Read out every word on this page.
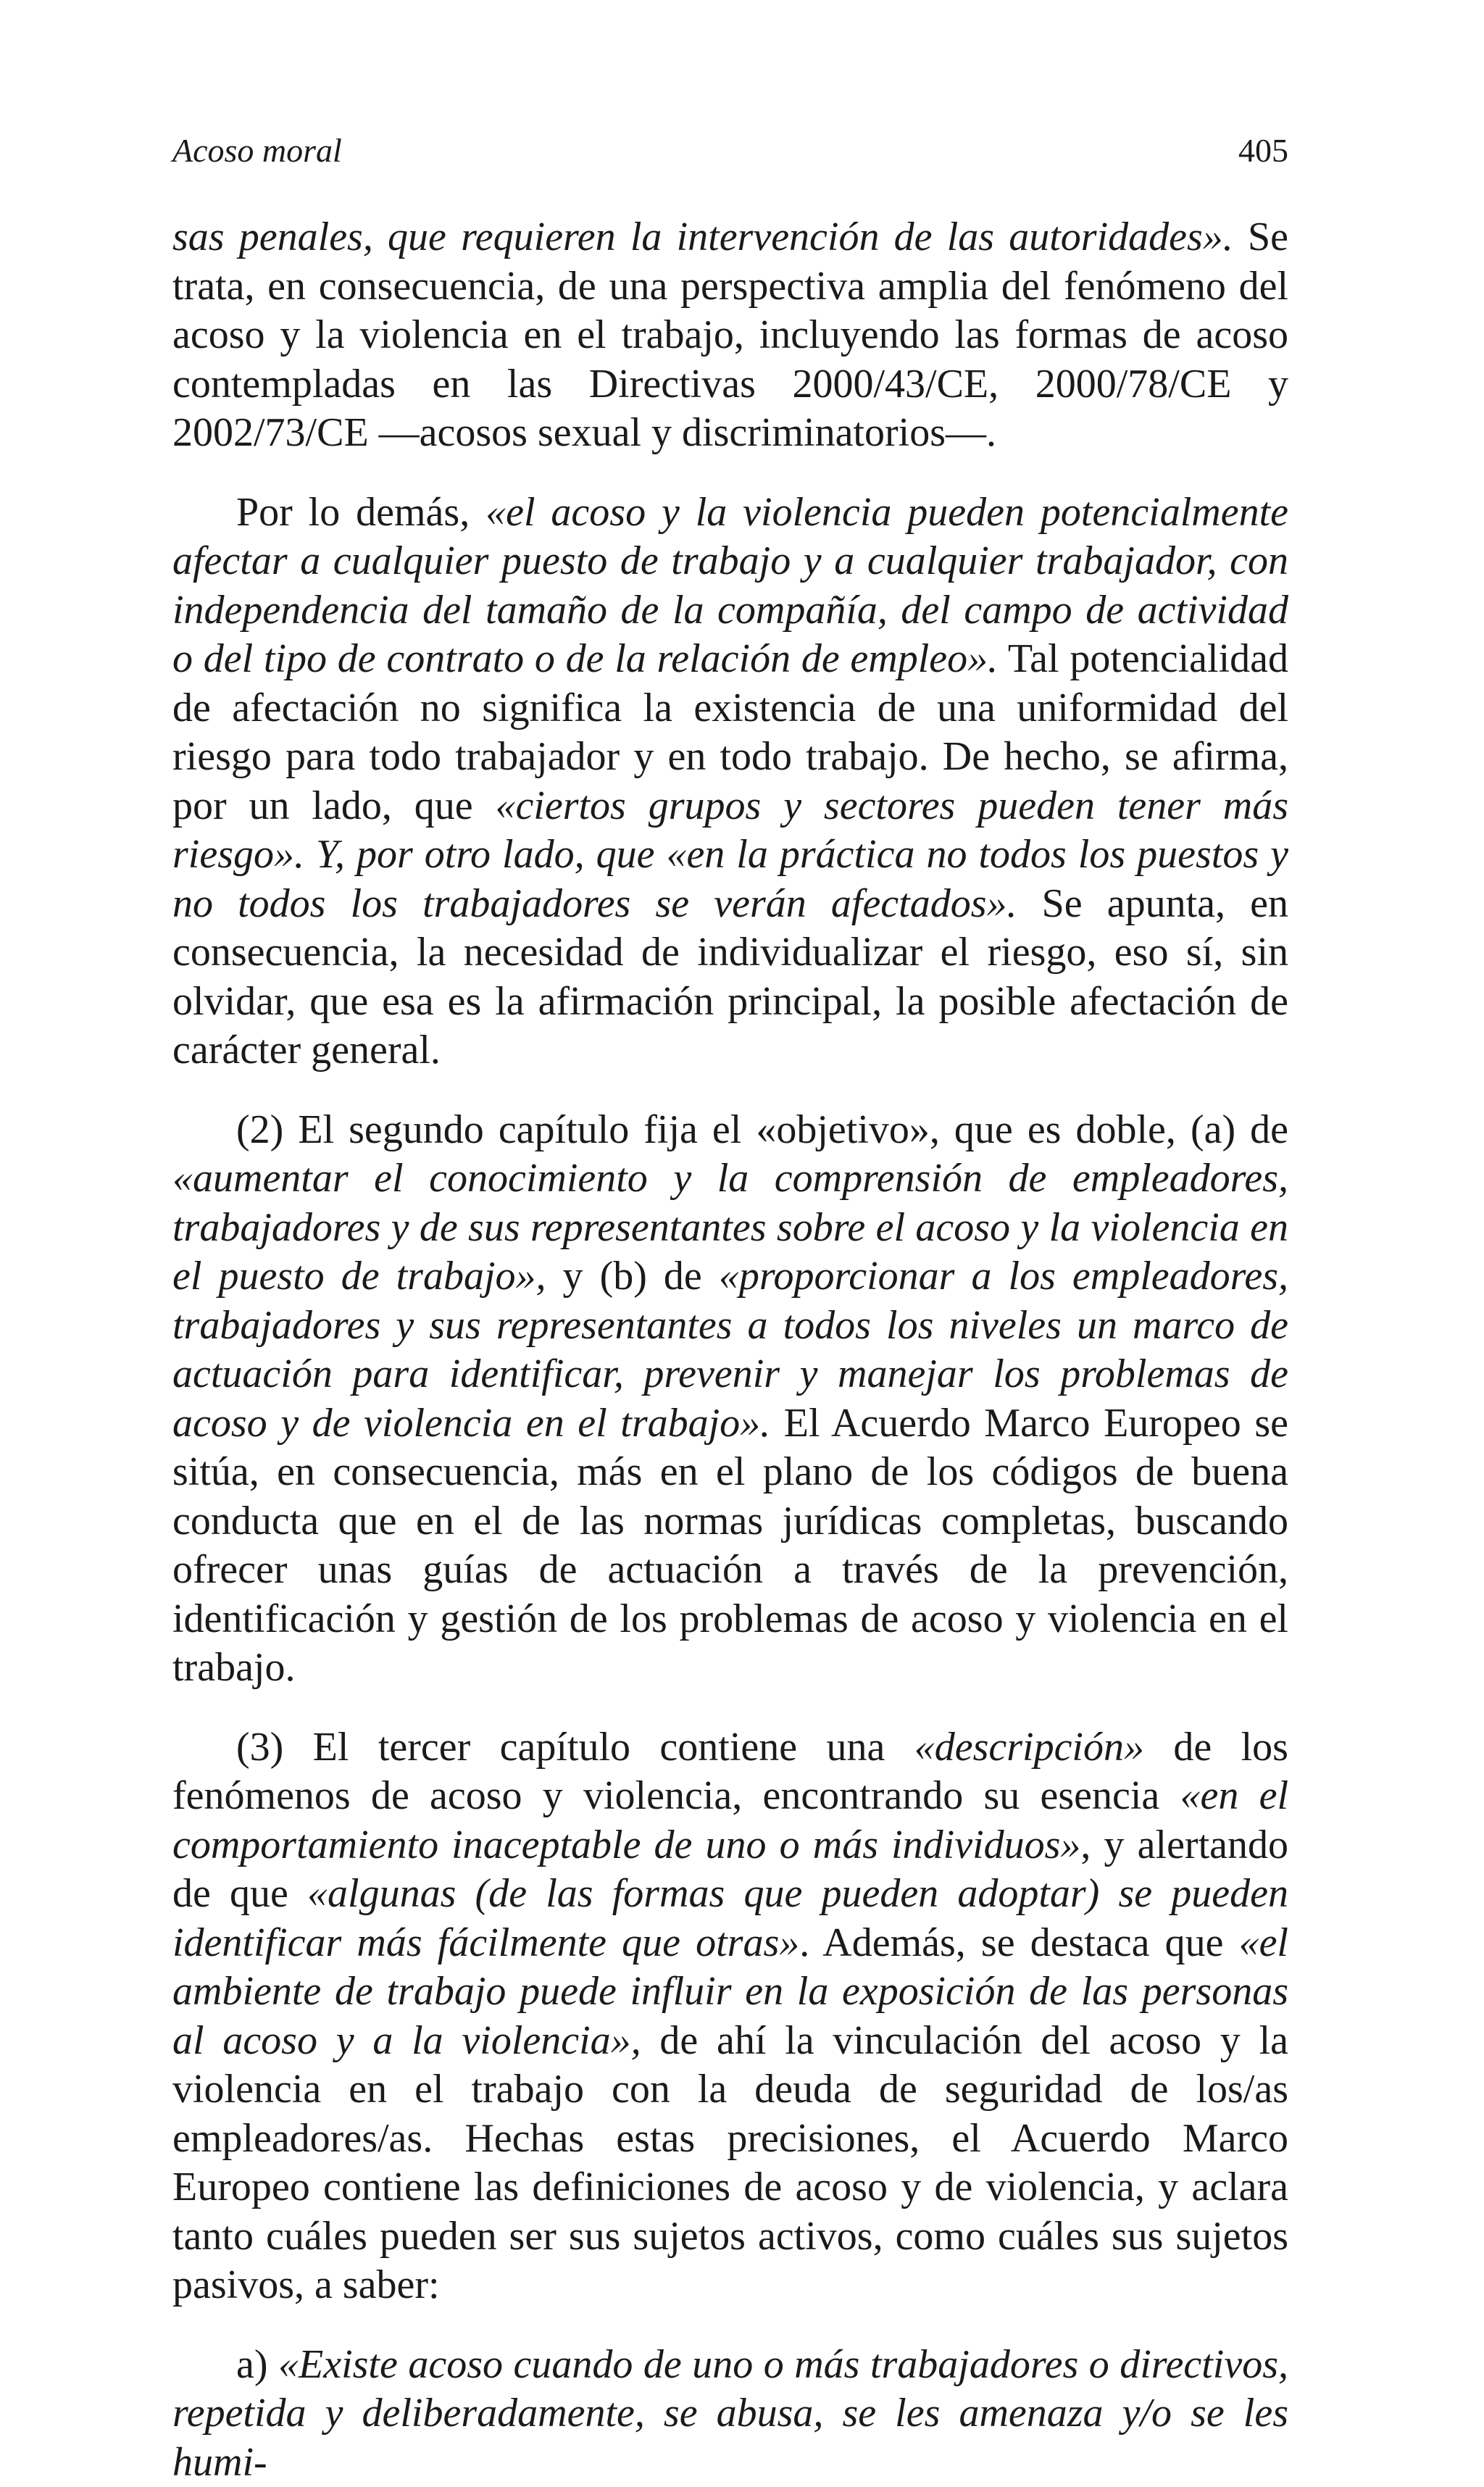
Acoso moral	405

sas penales, que requieren la intervención de las autoridades». Se trata, en consecuencia, de una perspectiva amplia del fenómeno del acoso y la violencia en el trabajo, incluyendo las formas de acoso contempladas en las Directivas 2000/43/CE, 2000/78/CE y 2002/73/CE —acosos sexual y discriminatorios—.

Por lo demás, «el acoso y la violencia pueden potencialmente afectar a cualquier puesto de trabajo y a cualquier trabajador, con independencia del tamaño de la compañía, del campo de actividad o del tipo de contrato o de la relación de empleo». Tal potencialidad de afectación no significa la existencia de una uniformidad del riesgo para todo trabajador y en todo trabajo. De hecho, se afirma, por un lado, que «ciertos grupos y sectores pueden tener más riesgo». Y, por otro lado, que «en la práctica no todos los puestos y no todos los trabajadores se verán afectados». Se apunta, en consecuencia, la necesidad de individualizar el riesgo, eso sí, sin olvidar, que esa es la afirmación principal, la posible afectación de carácter general.

(2) El segundo capítulo fija el «objetivo», que es doble, (a) de «aumentar el conocimiento y la comprensión de empleadores, trabajadores y de sus representantes sobre el acoso y la violencia en el puesto de trabajo», y (b) de «proporcionar a los empleadores, trabajadores y sus representantes a todos los niveles un marco de actuación para identificar, prevenir y manejar los problemas de acoso y de violencia en el trabajo». El Acuerdo Marco Europeo se sitúa, en consecuencia, más en el plano de los códigos de buena conducta que en el de las normas jurídicas completas, buscando ofrecer unas guías de actuación a través de la prevención, identificación y gestión de los problemas de acoso y violencia en el trabajo.

(3) El tercer capítulo contiene una «descripción» de los fenómenos de acoso y violencia, encontrando su esencia «en el comportamiento inaceptable de uno o más individuos», y alertando de que «algunas (de las formas que pueden adoptar) se pueden identificar más fácilmente que otras». Además, se destaca que «el ambiente de trabajo puede influir en la exposición de las personas al acoso y a la violencia», de ahí la vinculación del acoso y la violencia en el trabajo con la deuda de seguridad de los/as empleadores/as. Hechas estas precisiones, el Acuerdo Marco Europeo contiene las definiciones de acoso y de violencia, y aclara tanto cuáles pueden ser sus sujetos activos, como cuáles sus sujetos pasivos, a saber:

a) «Existe acoso cuando de uno o más trabajadores o directivos, repetida y deliberadamente, se abusa, se les amenaza y/o se les humi-
